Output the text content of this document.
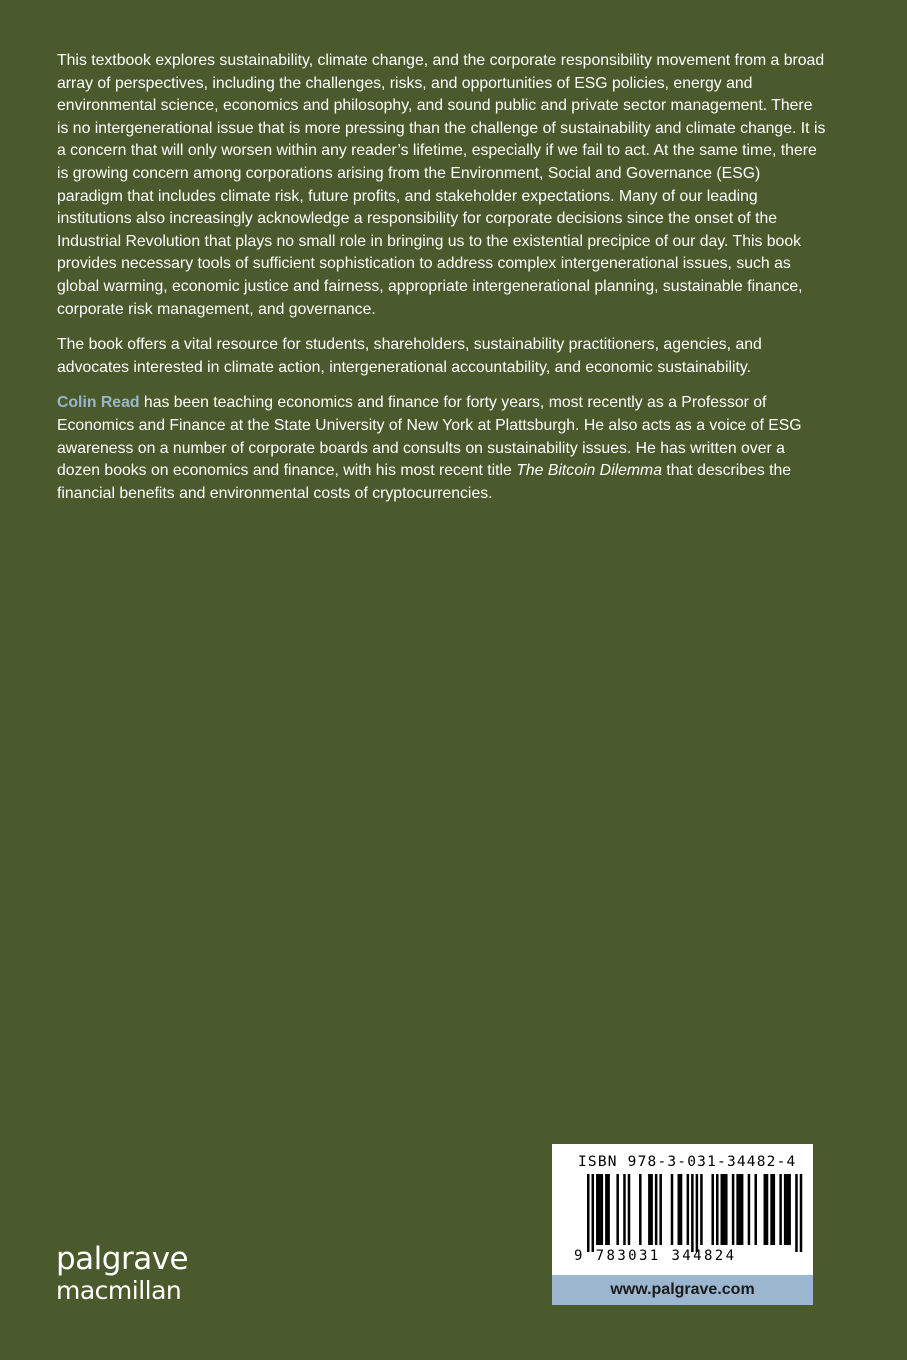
This textbook explores sustainability, climate change, and the corporate responsibility movement from a broad array of perspectives, including the challenges, risks, and opportunities of ESG policies, energy and environmental science, economics and philosophy, and sound public and private sector management. There is no intergenerational issue that is more pressing than the challenge of sustainability and climate change. It is a concern that will only worsen within any reader’s lifetime, especially if we fail to act. At the same time, there is growing concern among corporations arising from the Environment, Social and Governance (ESG) paradigm that includes climate risk, future profits, and stakeholder expectations. Many of our leading institutions also increasingly acknowledge a responsibility for corporate decisions since the onset of the Industrial Revolution that plays no small role in bringing us to the existential precipice of our day. This book provides necessary tools of sufficient sophistication to address complex intergenerational issues, such as global warming, economic justice and fairness, appropriate intergenerational planning, sustainable finance, corporate risk management, and governance.

The book offers a vital resource for students, shareholders, sustainability practitioners, agencies, and advocates interested in climate action, intergenerational accountability, and economic sustainability.

Colin Read has been teaching economics and finance for forty years, most recently as a Professor of Economics and Finance at the State University of New York at Plattsburgh. He also acts as a voice of ESG awareness on a number of corporate boards and consults on sustainability issues. He has written over a dozen books on economics and finance, with his most recent title The Bitcoin Dilemma that describes the financial benefits and environmental costs of cryptocurrencies.

palgrave
macmillan
ISBN 978-3-031-34482-4
9 783031 344824
www.palgrave.com
